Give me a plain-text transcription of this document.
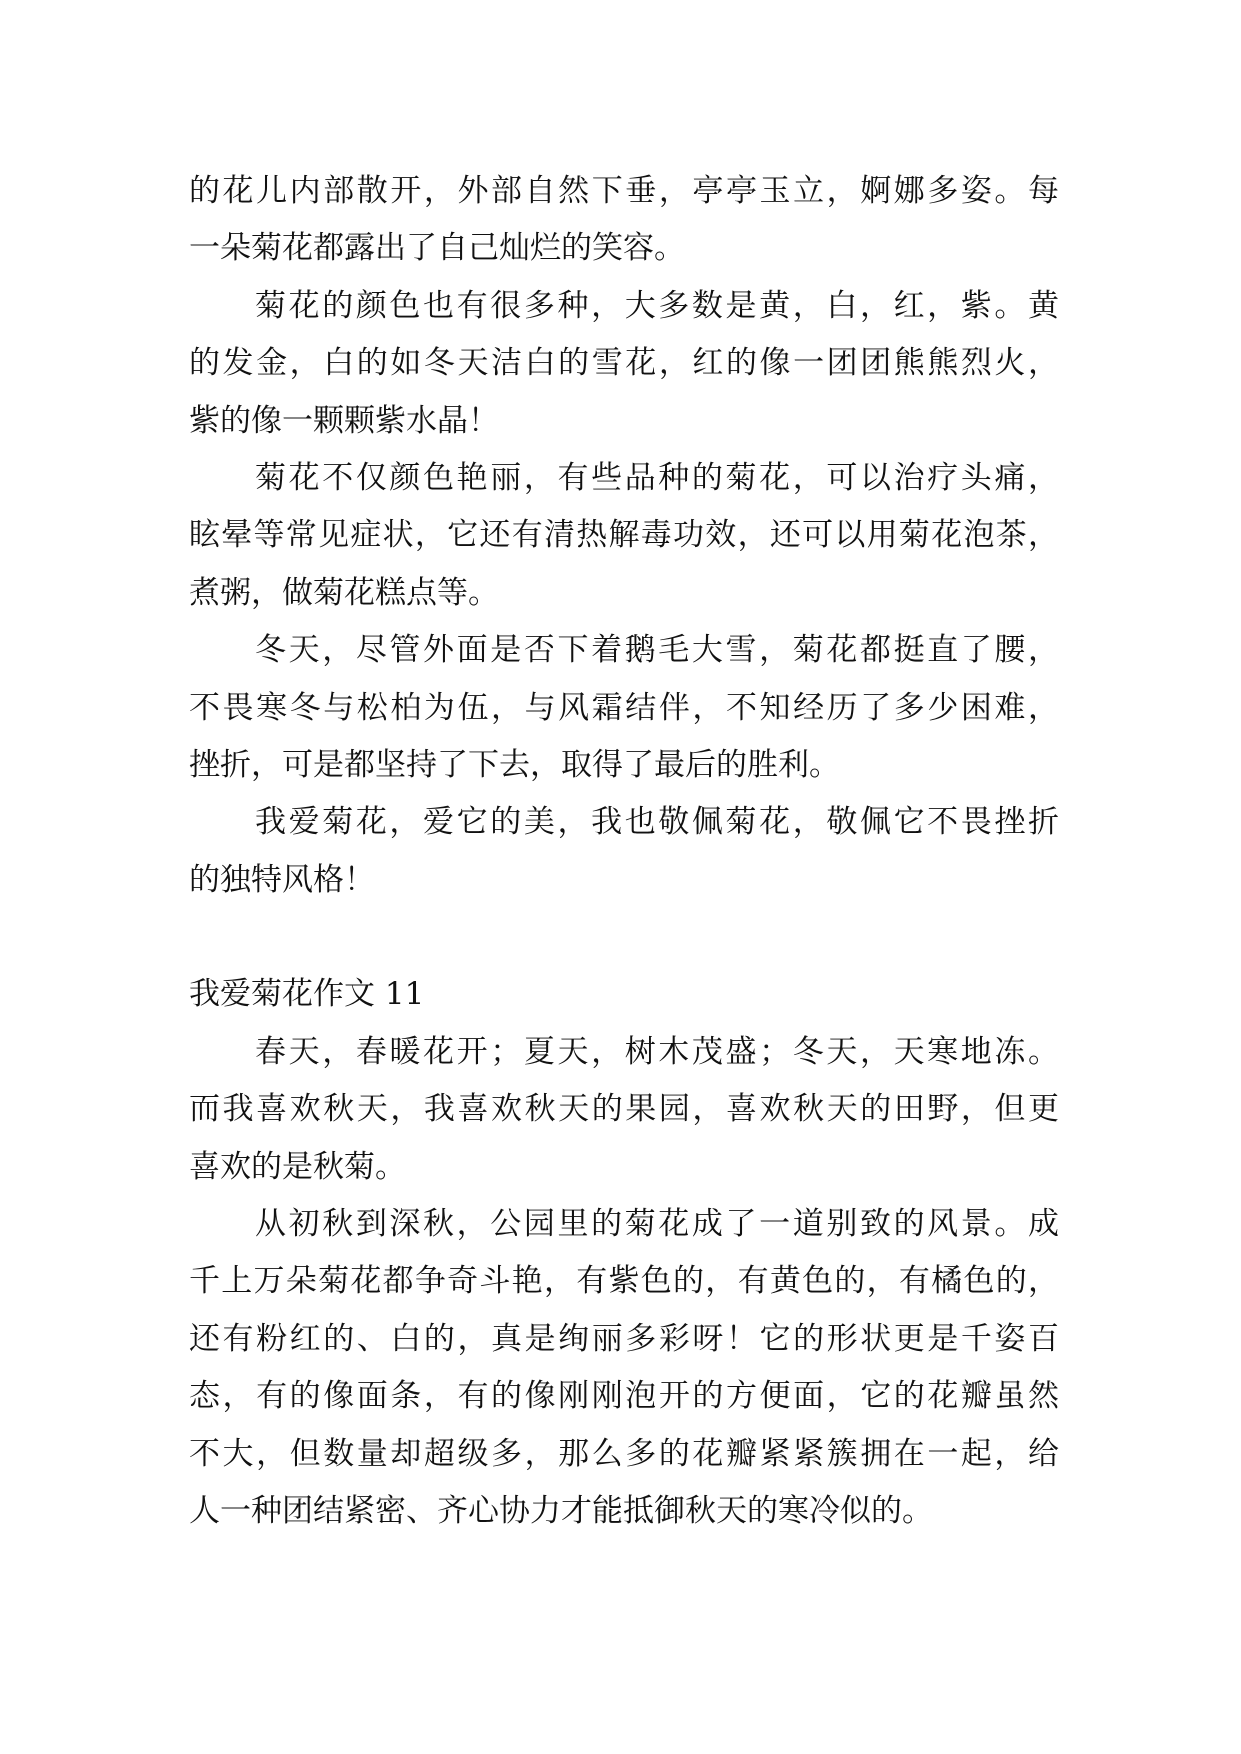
的花儿内部散开，外部自然下垂，亭亭玉立，婀娜多姿。每
一朵菊花都露出了自己灿烂的笑容。
菊花的颜色也有很多种，大多数是黄，白，红，紫。黄
的发金，白的如冬天洁白的雪花，红的像一团团熊熊烈火，
紫的像一颗颗紫水晶！
菊花不仅颜色艳丽，有些品种的菊花，可以治疗头痛，
眩晕等常见症状，它还有清热解毒功效，还可以用菊花泡茶，
煮粥，做菊花糕点等。
冬天，尽管外面是否下着鹅毛大雪，菊花都挺直了腰，
不畏寒冬与松柏为伍，与风霜结伴，不知经历了多少困难，
挫折，可是都坚持了下去，取得了最后的胜利。
我爱菊花，爱它的美，我也敬佩菊花，敬佩它不畏挫折
的独特风格！
我爱菊花作文 11
春天，春暖花开；夏天，树木茂盛；冬天，天寒地冻。
而我喜欢秋天，我喜欢秋天的果园，喜欢秋天的田野，但更
喜欢的是秋菊。
从初秋到深秋，公园里的菊花成了一道别致的风景。成
千上万朵菊花都争奇斗艳，有紫色的，有黄色的，有橘色的，
还有粉红的、白的，真是绚丽多彩呀！它的形状更是千姿百
态，有的像面条，有的像刚刚泡开的方便面，它的花瓣虽然
不大，但数量却超级多，那么多的花瓣紧紧簇拥在一起，给
人一种团结紧密、齐心协力才能抵御秋天的寒冷似的。
